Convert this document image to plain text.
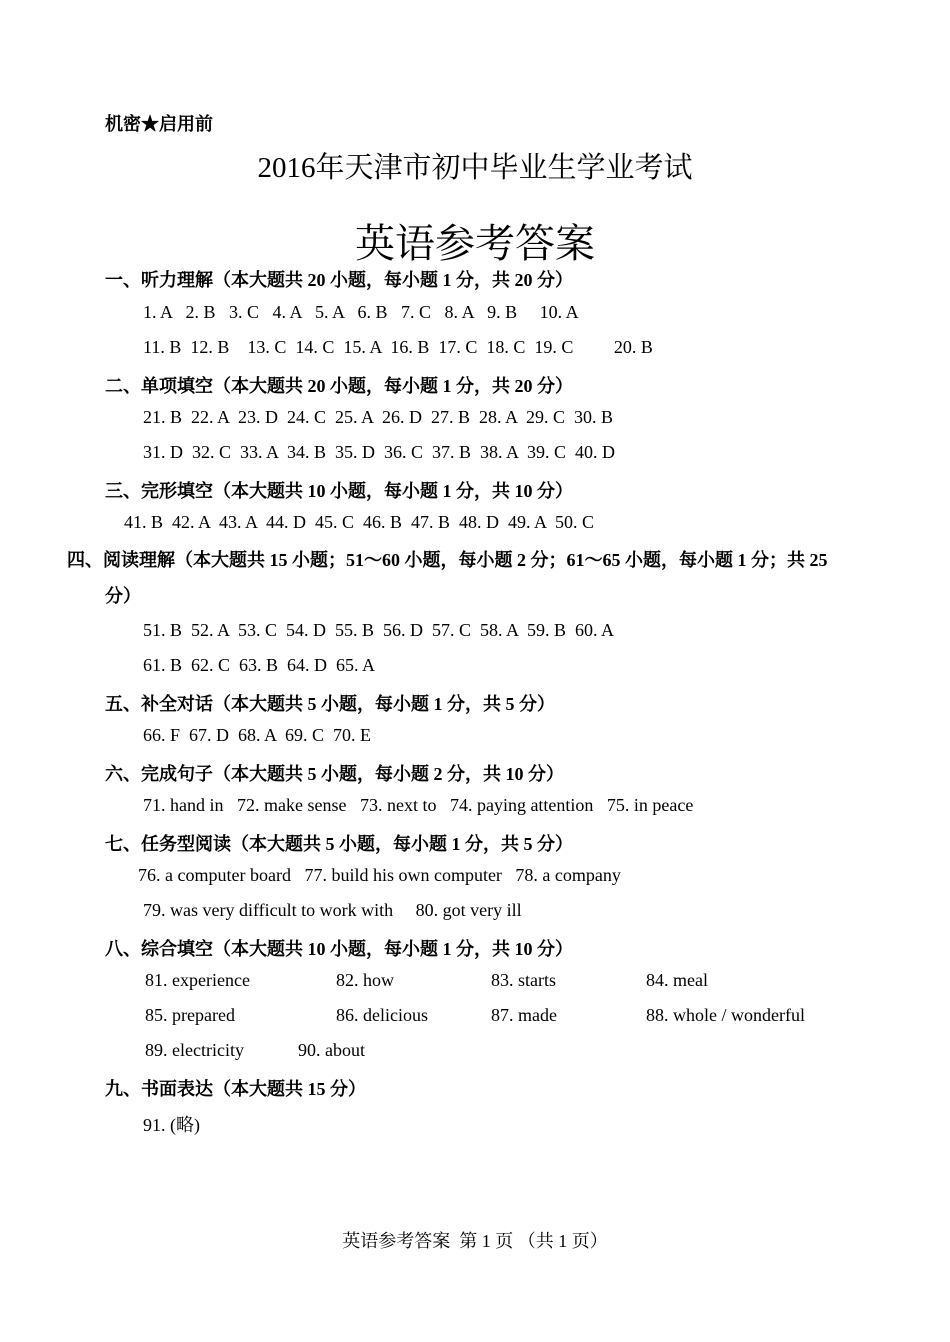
机密★启用前
2016年天津市初中毕业生学业考试
英语参考答案
一、听力理解（本大题共 20 小题，每小题 1 分，共 20 分）
1. A   2. B   3. C   4. A   5. A   6. B   7. C   8. A   9. B     10. A
11. B  12. B    13. C  14. C  15. A  16. B  17. C  18. C  19. C         20. B
二、单项填空（本大题共 20 小题，每小题 1 分，共 20 分）
21. B  22. A  23. D  24. C  25. A  26. D  27. B  28. A  29. C  30. B
31. D  32. C  33. A  34. B  35. D  36. C  37. B  38. A  39. C  40. D
三、完形填空（本大题共 10 小题，每小题 1 分，共 10 分）
41. B  42. A  43. A  44. D  45. C  46. B  47. B  48. D  49. A  50. C
四、阅读理解（本大题共 15 小题；51～60 小题，每小题 2 分；61～65 小题，每小题 1 分；共 25 分）
51. B  52. A  53. C  54. D  55. B  56. D  57. C  58. A  59. B  60. A
61. B  62. C  63. B  64. D  65. A
五、补全对话（本大题共 5 小题，每小题 1 分，共 5 分）
66. F  67. D  68. A  69. C  70. E
六、完成句子（本大题共 5 小题，每小题 2 分，共 10 分）
71. hand in   72. make sense   73. next to   74. paying attention   75. in peace
七、任务型阅读（本大题共 5 小题，每小题 1 分，共 5 分）
76. a computer board   77. build his own computer   78. a company
79. was very difficult to work with     80. got very ill
八、综合填空（本大题共 10 小题，每小题 1 分，共 10 分）
81. experience	82. how	83. starts	84. meal
85. prepared	86. delicious	87. made	88. whole / wonderful
89. electricity	90. about
九、书面表达（本大题共 15 分）
91. (略)
英语参考答案  第 1 页 （共 1 页）
